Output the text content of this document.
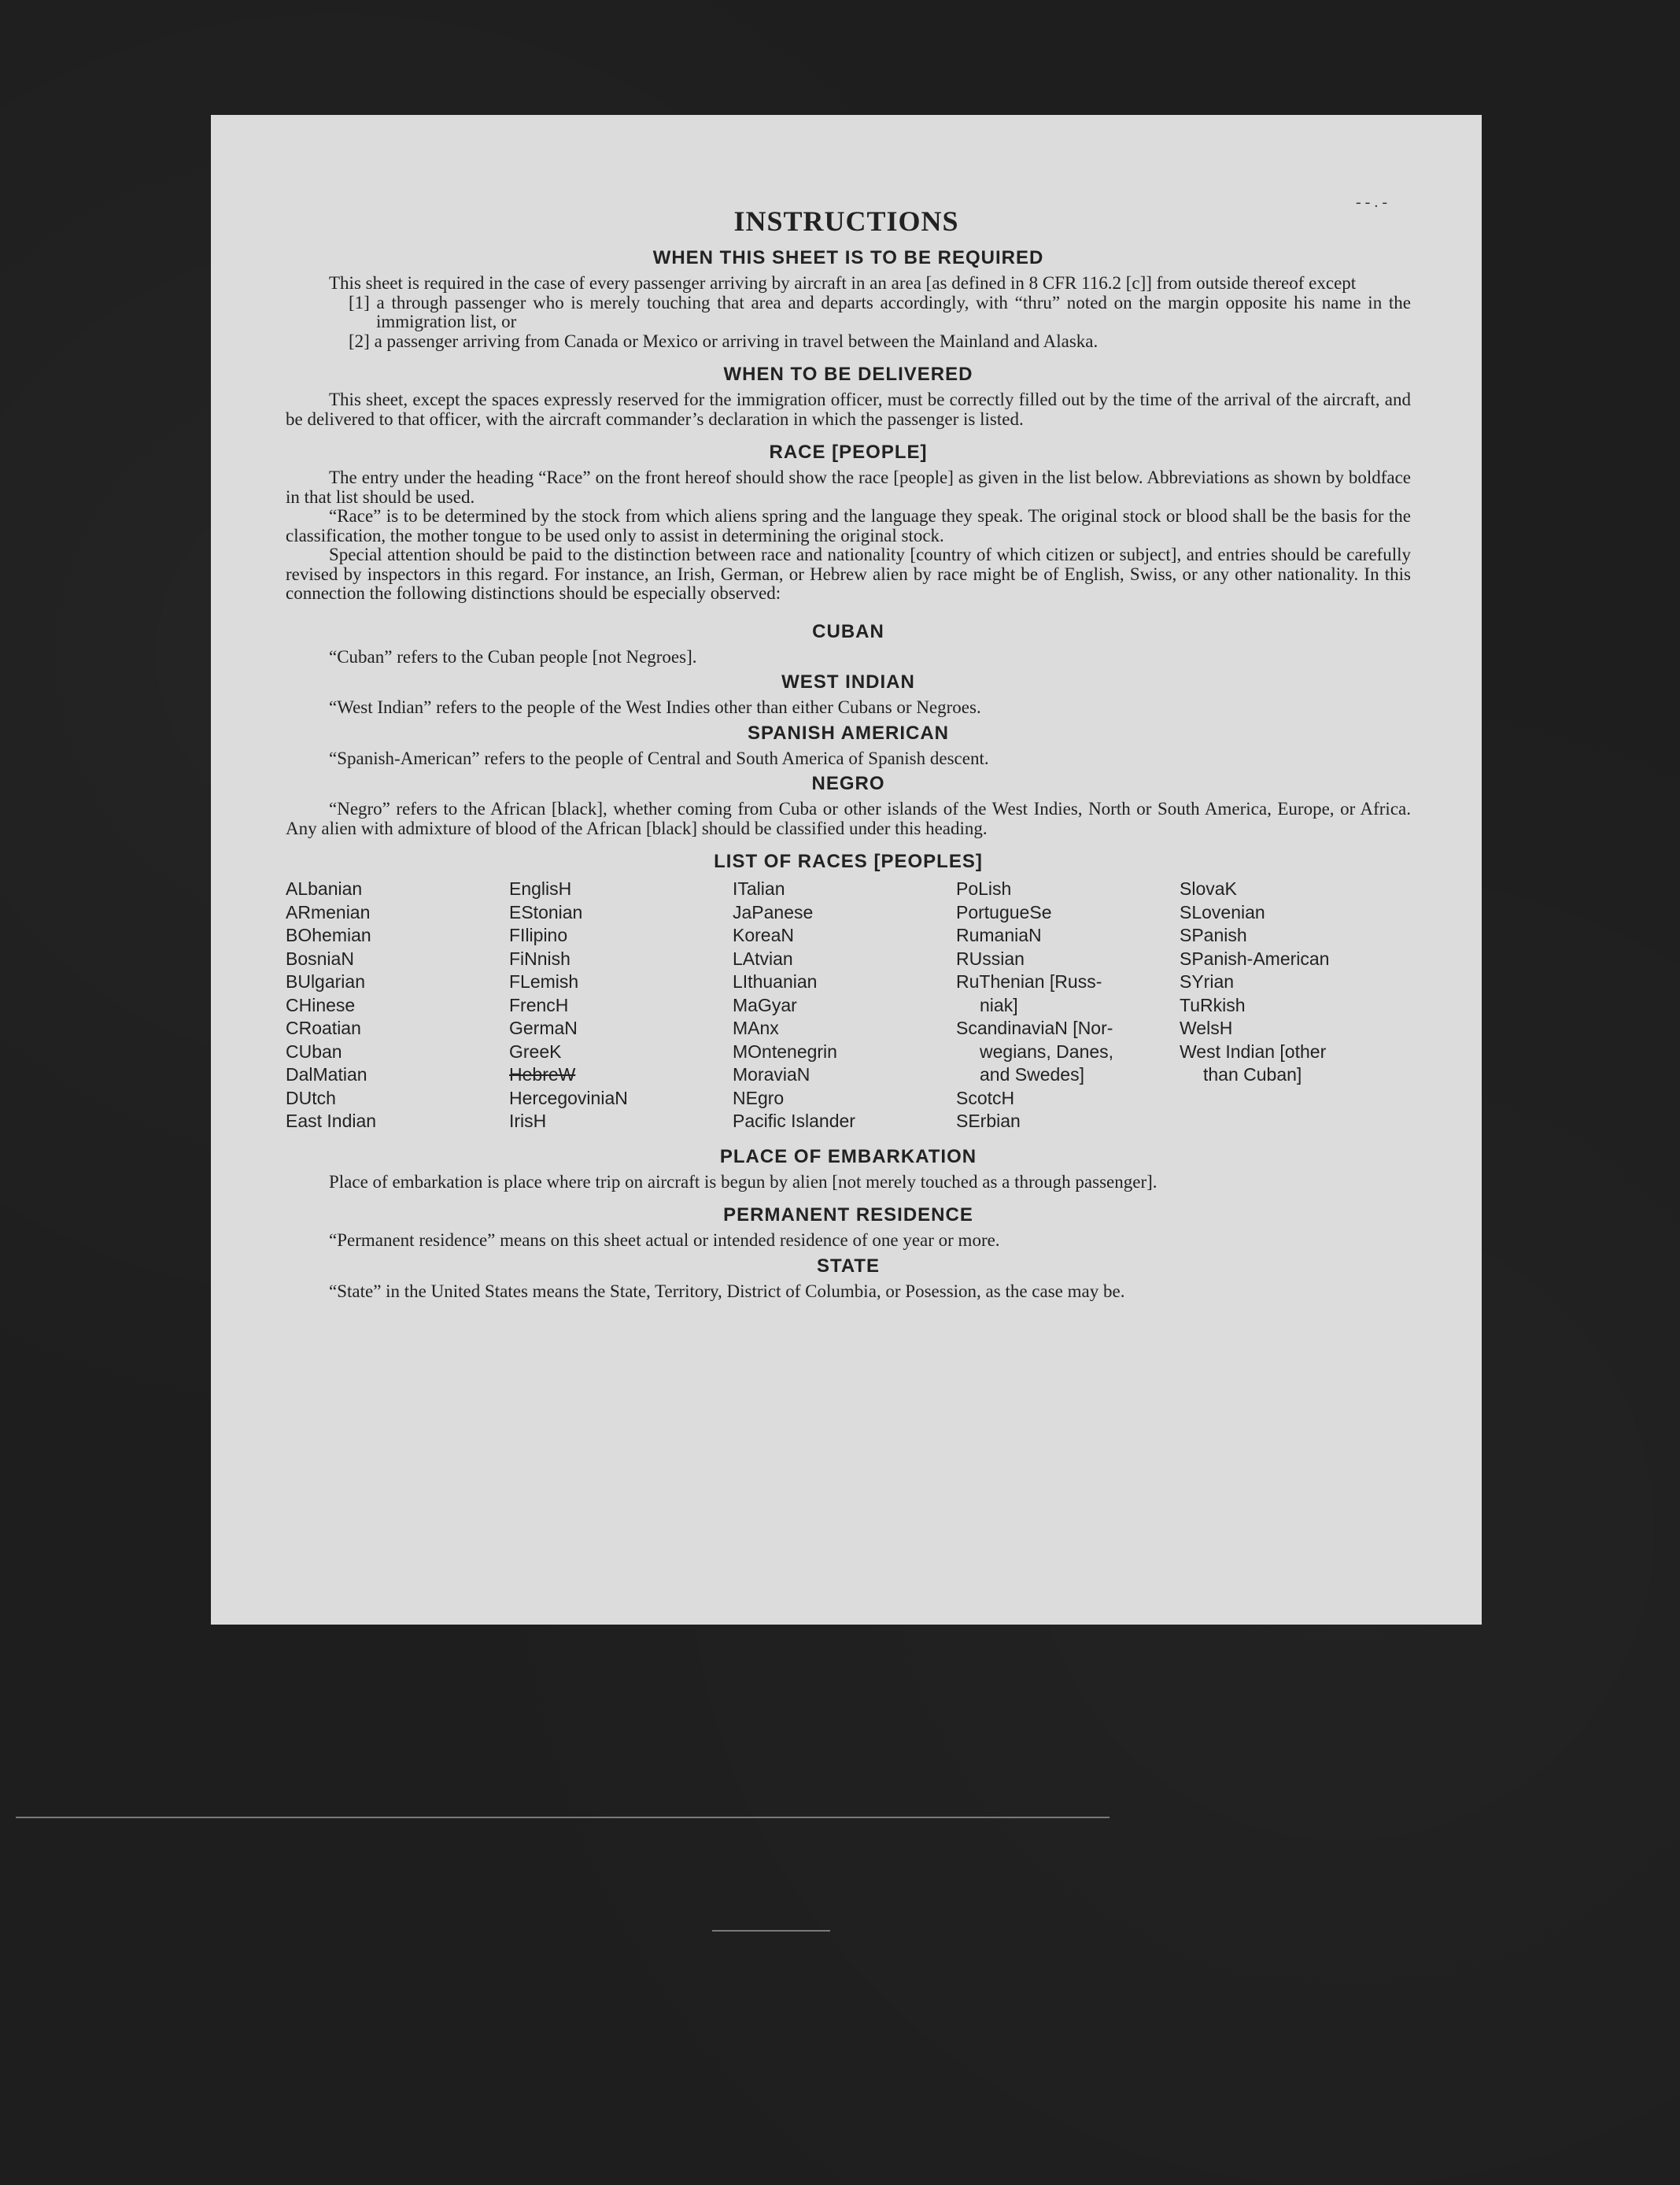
- - . -
INSTRUCTIONS
WHEN THIS SHEET IS TO BE REQUIRED

This sheet is required in the case of every passenger arriving by aircraft in an area [as defined in 8 CFR 116.2 [c]] from outside thereof except

[1] a through passenger who is merely touching that area and departs accordingly, with “thru” noted on the margin opposite his name in the immigration list, or

[2] a passenger arriving from Canada or Mexico or arriving in travel between the Mainland and Alaska.

WHEN TO BE DELIVERED

This sheet, except the spaces expressly reserved for the immigration officer, must be correctly filled out by the time of the arrival of the aircraft, and be delivered to that officer, with the aircraft commander’s declaration in which the passenger is listed.

RACE [PEOPLE]

The entry under the heading “Race” on the front hereof should show the race [people] as given in the list below. Abbreviations as shown by boldface in that list should be used.

“Race” is to be determined by the stock from which aliens spring and the language they speak. The original stock or blood shall be the basis for the classification, the mother tongue to be used only to assist in determining the original stock.

Special attention should be paid to the distinction between race and nationality [country of which citizen or subject], and entries should be carefully revised by inspectors in this regard. For instance, an Irish, German, or Hebrew alien by race might be of English, Swiss, or any other nationality. In this connection the following distinctions should be especially observed:

CUBAN

“Cuban” refers to the Cuban people [not Negroes].

WEST INDIAN

“West Indian” refers to the people of the West Indies other than either Cubans or Negroes.

SPANISH AMERICAN

“Spanish-American” refers to the people of Central and South America of Spanish descent.

NEGRO

“Negro” refers to the African [black], whether coming from Cuba or other islands of the West Indies, North or South America, Europe, or Africa. Any alien with admixture of blood of the African [black] should be classified under this heading.

LIST OF RACES [PEOPLES]
ALbanian
ARmenian
BOhemian
BosniaN
BUlgarian
CHinese
CRoatian
CUban
DalMatian
DUtch
East Indian
EnglisH
EStonian
FIlipino
FiNnish
FLemish
FrencH
GermaN
GreeK
HebreW
HercegoviniaN
IrisH
ITalian
JaPanese
KoreaN
LAtvian
LIthuanian
MaGyar
MAnx
MOntenegrin
MoraviaN
NEgro
Pacific Islander
PoLish
PortugueSe
RumaniaN
RUssian
RuThenian [Russ-
niak]
ScandinaviaN [Nor-
wegians, Danes,
and Swedes]
ScotcH
SErbian
SlovaK
SLovenian
SPanish
SPanish-American
SYrian
TuRkish
WelsH
West Indian [other
than Cuban]
PLACE OF EMBARKATION

Place of embarkation is place where trip on aircraft is begun by alien [not merely touched as a through passenger].

PERMANENT RESIDENCE

“Permanent residence” means on this sheet actual or intended residence of one year or more.

STATE

“State” in the United States means the State, Territory, District of Columbia, or Posession, as the case may be.
